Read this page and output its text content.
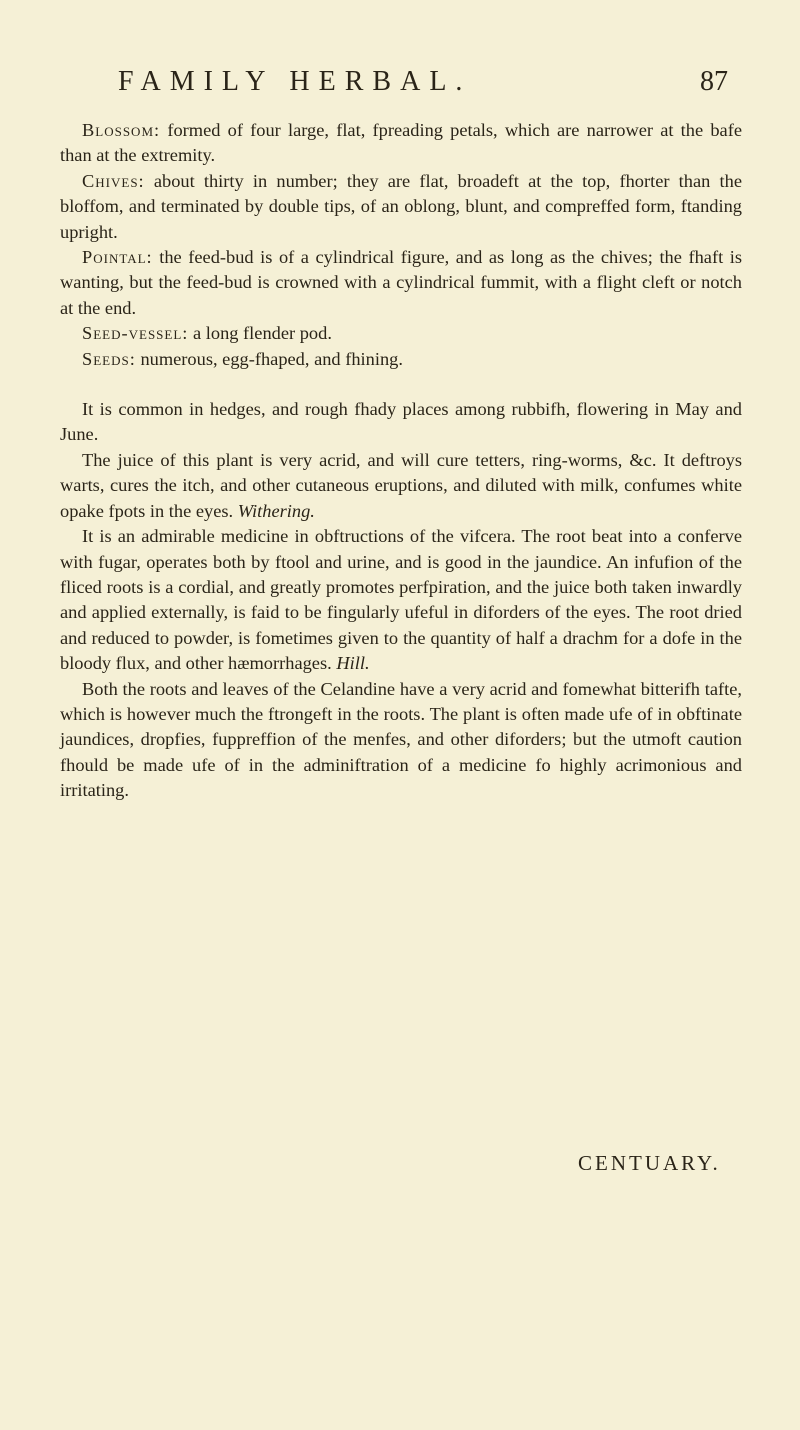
FAMILY HERBAL.	87

Blossom: formed of four large, flat, fpreading petals, which are narrower at the bafe than at the extremity.

Chives: about thirty in number; they are flat, broadeft at the top, fhorter than the bloffom, and terminated by double tips, of an oblong, blunt, and compreffed form, ftanding upright.

Pointal: the feed-bud is of a cylindrical figure, and as long as the chives; the fhaft is wanting, but the feed-bud is crowned with a cylindrical fummit, with a flight cleft or notch at the end.

Seed-vessel: a long flender pod.

Seeds: numerous, egg-fhaped, and fhining.

It is common in hedges, and rough fhady places among rubbifh, flowering in May and June.

The juice of this plant is very acrid, and will cure tetters, ring-worms, &c. It deftroys warts, cures the itch, and other cutaneous eruptions, and diluted with milk, confumes white opake fpots in the eyes. Withering.

It is an admirable medicine in obftructions of the vifcera. The root beat into a conferve with fugar, operates both by ftool and urine, and is good in the jaundice. An infufion of the fliced roots is a cordial, and greatly promotes perfpiration, and the juice both taken inwardly and applied externally, is faid to be fingularly ufeful in diforders of the eyes. The root dried and reduced to powder, is fometimes given to the quantity of half a drachm for a dofe in the bloody flux, and other hæmorrhages. Hill.

Both the roots and leaves of the Celandine have a very acrid and fomewhat bitterifh tafte, which is however much the ftrongeft in the roots. The plant is often made ufe of in obftinate jaundices, dropfies, fuppreffion of the menfes, and other diforders; but the utmoft caution fhould be made ufe of in the adminiftration of a medicine fo highly acrimonious and irritating.

CENTUARY.
